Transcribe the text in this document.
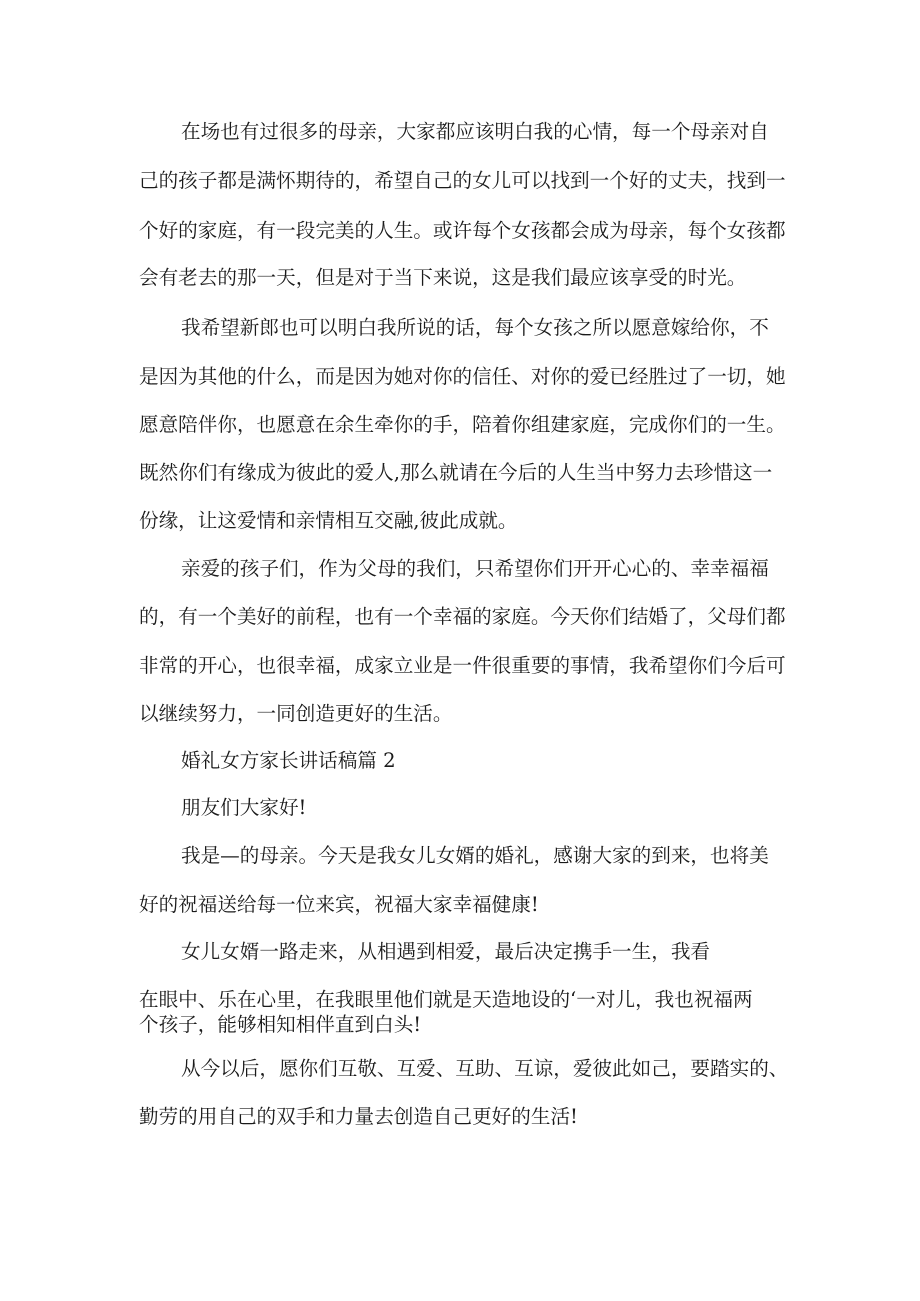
在场也有过很多的母亲，大家都应该明白我的心情，每一个母亲对自
己的孩子都是满怀期待的，希望自己的女儿可以找到一个好的丈夫，找到一
个好的家庭，有一段完美的人生。或许每个女孩都会成为母亲，每个女孩都
会有老去的那一天，但是对于当下来说，这是我们最应该享受的时光。
我希望新郎也可以明白我所说的话，每个女孩之所以愿意嫁给你，不
是因为其他的什么，而是因为她对你的信任、对你的爱已经胜过了一切，她
愿意陪伴你，也愿意在余生牵你的手，陪着你组建家庭，完成你们的一生。
既然你们有缘成为彼此的爱人,那么就请在今后的人生当中努力去珍惜这一
份缘，让这爱情和亲情相互交融,彼此成就。
亲爱的孩子们，作为父母的我们，只希望你们开开心心的、幸幸福福
的，有一个美好的前程，也有一个幸福的家庭。今天你们结婚了，父母们都
非常的开心，也很幸福，成家立业是一件很重要的事情，我希望你们今后可
以继续努力，一同创造更好的生活。
婚礼女方家长讲话稿篇 2
朋友们大家好!
我是—的母亲。今天是我女儿女婿的婚礼，感谢大家的到来，也将美
好的祝福送给每一位来宾，祝福大家幸福健康!
女儿女婿一路走来，从相遇到相爱，最后决定携手一生，我看
在眼中、乐在心里，在我眼里他们就是天造地设的‘一对儿，我也祝福两
个孩子，能够相知相伴直到白头!
从今以后，愿你们互敬、互爱、互助、互谅，爱彼此如己，要踏实的、
勤劳的用自己的双手和力量去创造自己更好的生活!
